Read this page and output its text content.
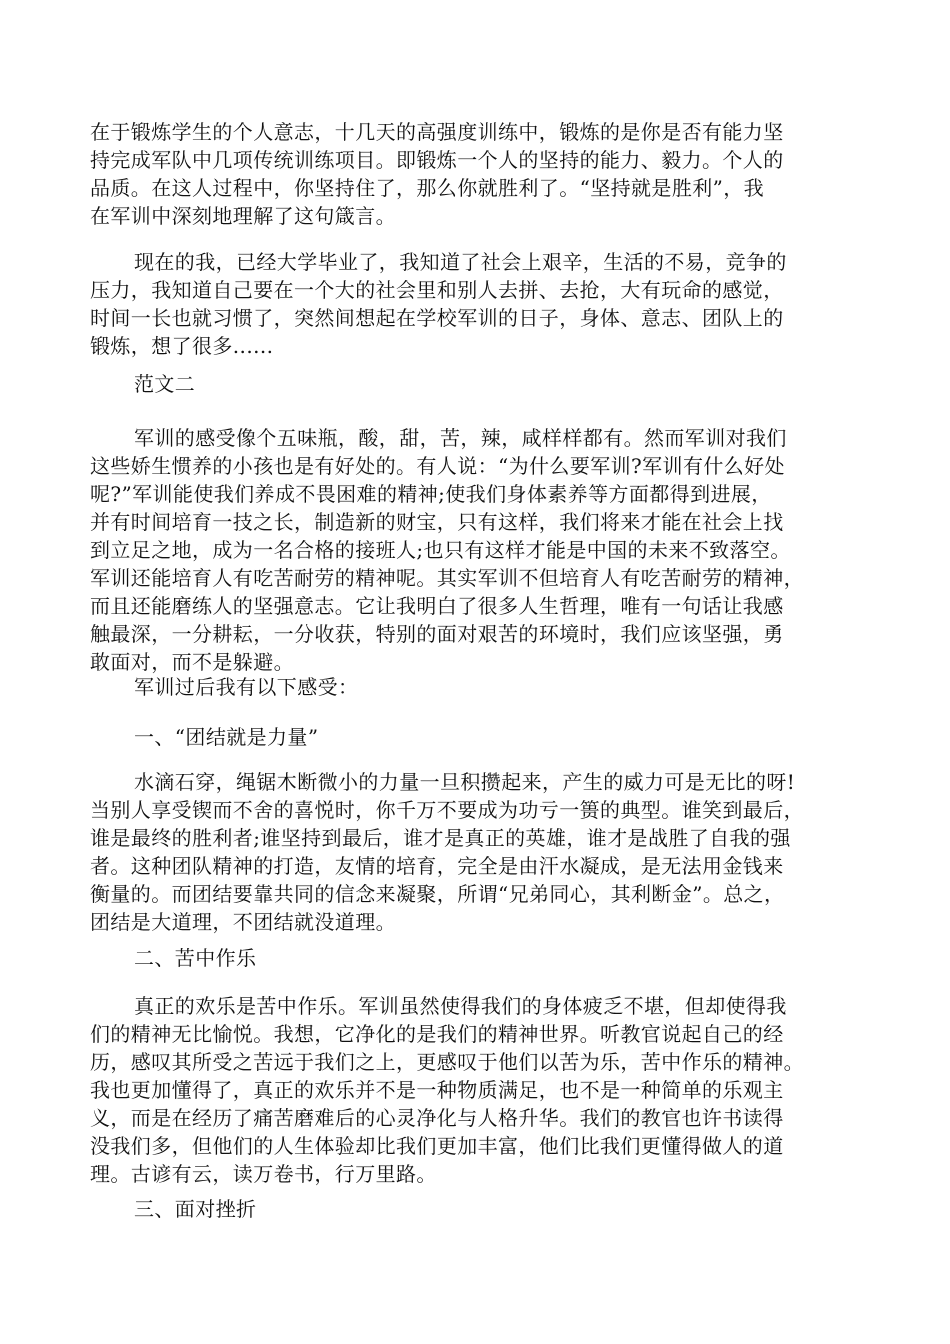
在于锻炼学生的个人意志，十几天的高强度训练中，锻炼的是你是否有能力坚
持完成军队中几项传统训练项目。即锻炼一个人的坚持的能力、毅力。个人的
品质。在这人过程中，你坚持住了，那么你就胜利了。“坚持就是胜利”，我
在军训中深刻地理解了这句箴言。
现在的我，已经大学毕业了，我知道了社会上艰辛，生活的不易，竞争的
压力，我知道自己要在一个大的社会里和别人去拼、去抢，大有玩命的感觉，
时间一长也就习惯了，突然间想起在学校军训的日子，身体、意志、团队上的
锻炼，想了很多......
范文二
军训的感受像个五味瓶，酸，甜，苦，辣，咸样样都有。然而军训对我们
这些娇生惯养的小孩也是有好处的。有人说：“为什么要军训?军训有什么好处
呢?”军训能使我们养成不畏困难的精神;使我们身体素养等方面都得到进展，
并有时间培育一技之长，制造新的财宝，只有这样，我们将来才能在社会上找
到立足之地，成为一名合格的接班人;也只有这样才能是中国的未来不致落空。
军训还能培育人有吃苦耐劳的精神呢。其实军训不但培育人有吃苦耐劳的精神，
而且还能磨练人的坚强意志。它让我明白了很多人生哲理，唯有一句话让我感
触最深，一分耕耘，一分收获，特别的面对艰苦的环境时，我们应该坚强，勇
敢面对，而不是躲避。
军训过后我有以下感受：
一、“团结就是力量”
水滴石穿，绳锯木断微小的力量一旦积攒起来，产生的威力可是无比的呀!
当别人享受锲而不舍的喜悦时，你千万不要成为功亏一篑的典型。谁笑到最后，
谁是最终的胜利者;谁坚持到最后，谁才是真正的英雄，谁才是战胜了自我的强
者。这种团队精神的打造，友情的培育，完全是由汗水凝成，是无法用金钱来
衡量的。而团结要靠共同的信念来凝聚，所谓“兄弟同心，其利断金”。总之，
团结是大道理，不团结就没道理。
二、苦中作乐
真正的欢乐是苦中作乐。军训虽然使得我们的身体疲乏不堪，但却使得我
们的精神无比愉悦。我想，它净化的是我们的精神世界。听教官说起自己的经
历，感叹其所受之苦远于我们之上，更感叹于他们以苦为乐，苦中作乐的精神。
我也更加懂得了，真正的欢乐并不是一种物质满足，也不是一种简单的乐观主
义，而是在经历了痛苦磨难后的心灵净化与人格升华。我们的教官也许书读得
没我们多，但他们的人生体验却比我们更加丰富，他们比我们更懂得做人的道
理。古谚有云，读万卷书，行万里路。
三、面对挫折
